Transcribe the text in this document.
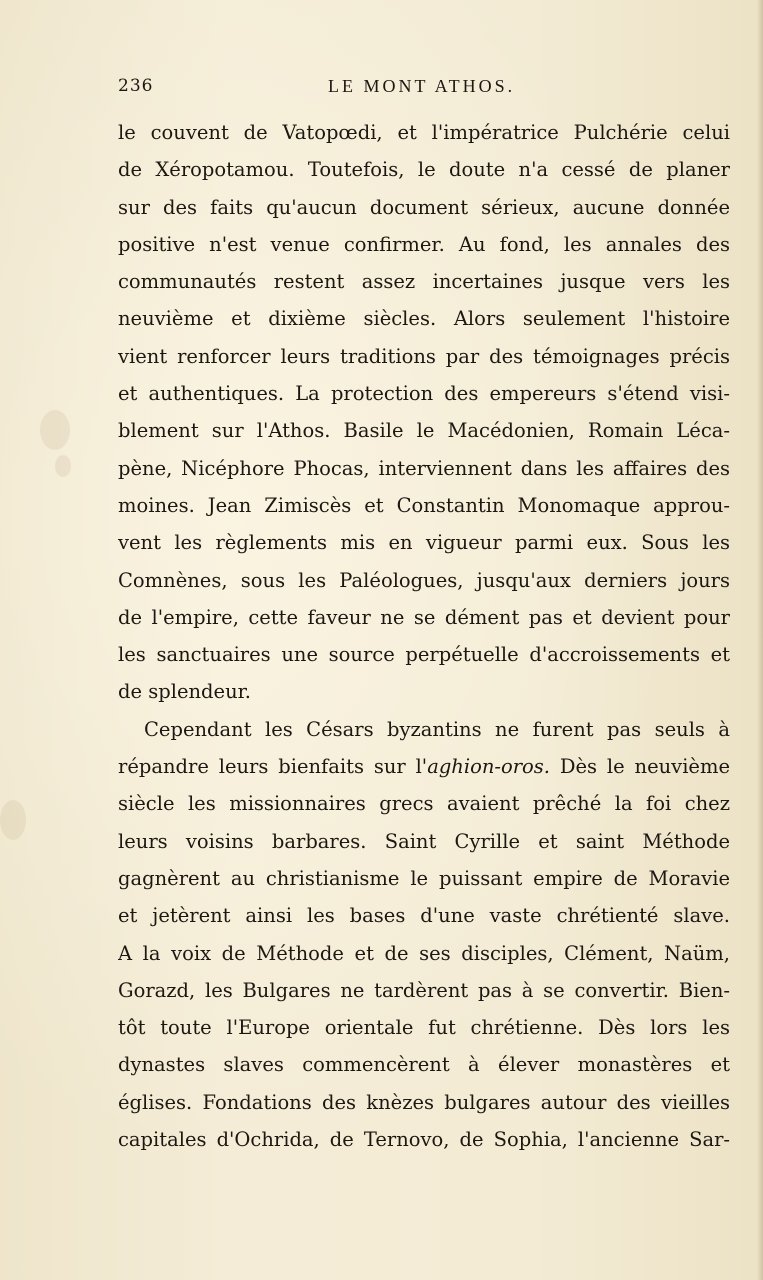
236	LE MONT ATHOS.
le couvent de Vatopœdi, et l'impératrice Pulchérie celui
de Xéropotamou. Toutefois, le doute n'a cessé de planer
sur des faits qu'aucun document sérieux, aucune donnée
positive n'est venue confirmer. Au fond, les annales des
communautés restent assez incertaines jusque vers les
neuvième et dixième siècles. Alors seulement l'histoire
vient renforcer leurs traditions par des témoignages précis
et authentiques. La protection des empereurs s'étend visi-
blement sur l'Athos. Basile le Macédonien, Romain Léca-
pène, Nicéphore Phocas, interviennent dans les affaires des
moines. Jean Zimiscès et Constantin Monomaque approu-
vent les règlements mis en vigueur parmi eux. Sous les
Comnènes, sous les Paléologues, jusqu'aux derniers jours
de l'empire, cette faveur ne se dément pas et devient pour
les sanctuaires une source perpétuelle d'accroissements et
de splendeur.
Cependant les Césars byzantins ne furent pas seuls à
répandre leurs bienfaits sur l'aghion-oros. Dès le neuvième
siècle les missionnaires grecs avaient prêché la foi chez
leurs voisins barbares. Saint Cyrille et saint Méthode
gagnèrent au christianisme le puissant empire de Moravie
et jetèrent ainsi les bases d'une vaste chrétienté slave.
A la voix de Méthode et de ses disciples, Clément, Naüm,
Gorazd, les Bulgares ne tardèrent pas à se convertir. Bien-
tôt toute l'Europe orientale fut chrétienne. Dès lors les
dynastes slaves commencèrent à élever monastères et
églises. Fondations des knèzes bulgares autour des vieilles
capitales d'Ochrida, de Ternovo, de Sophia, l'ancienne Sar-
